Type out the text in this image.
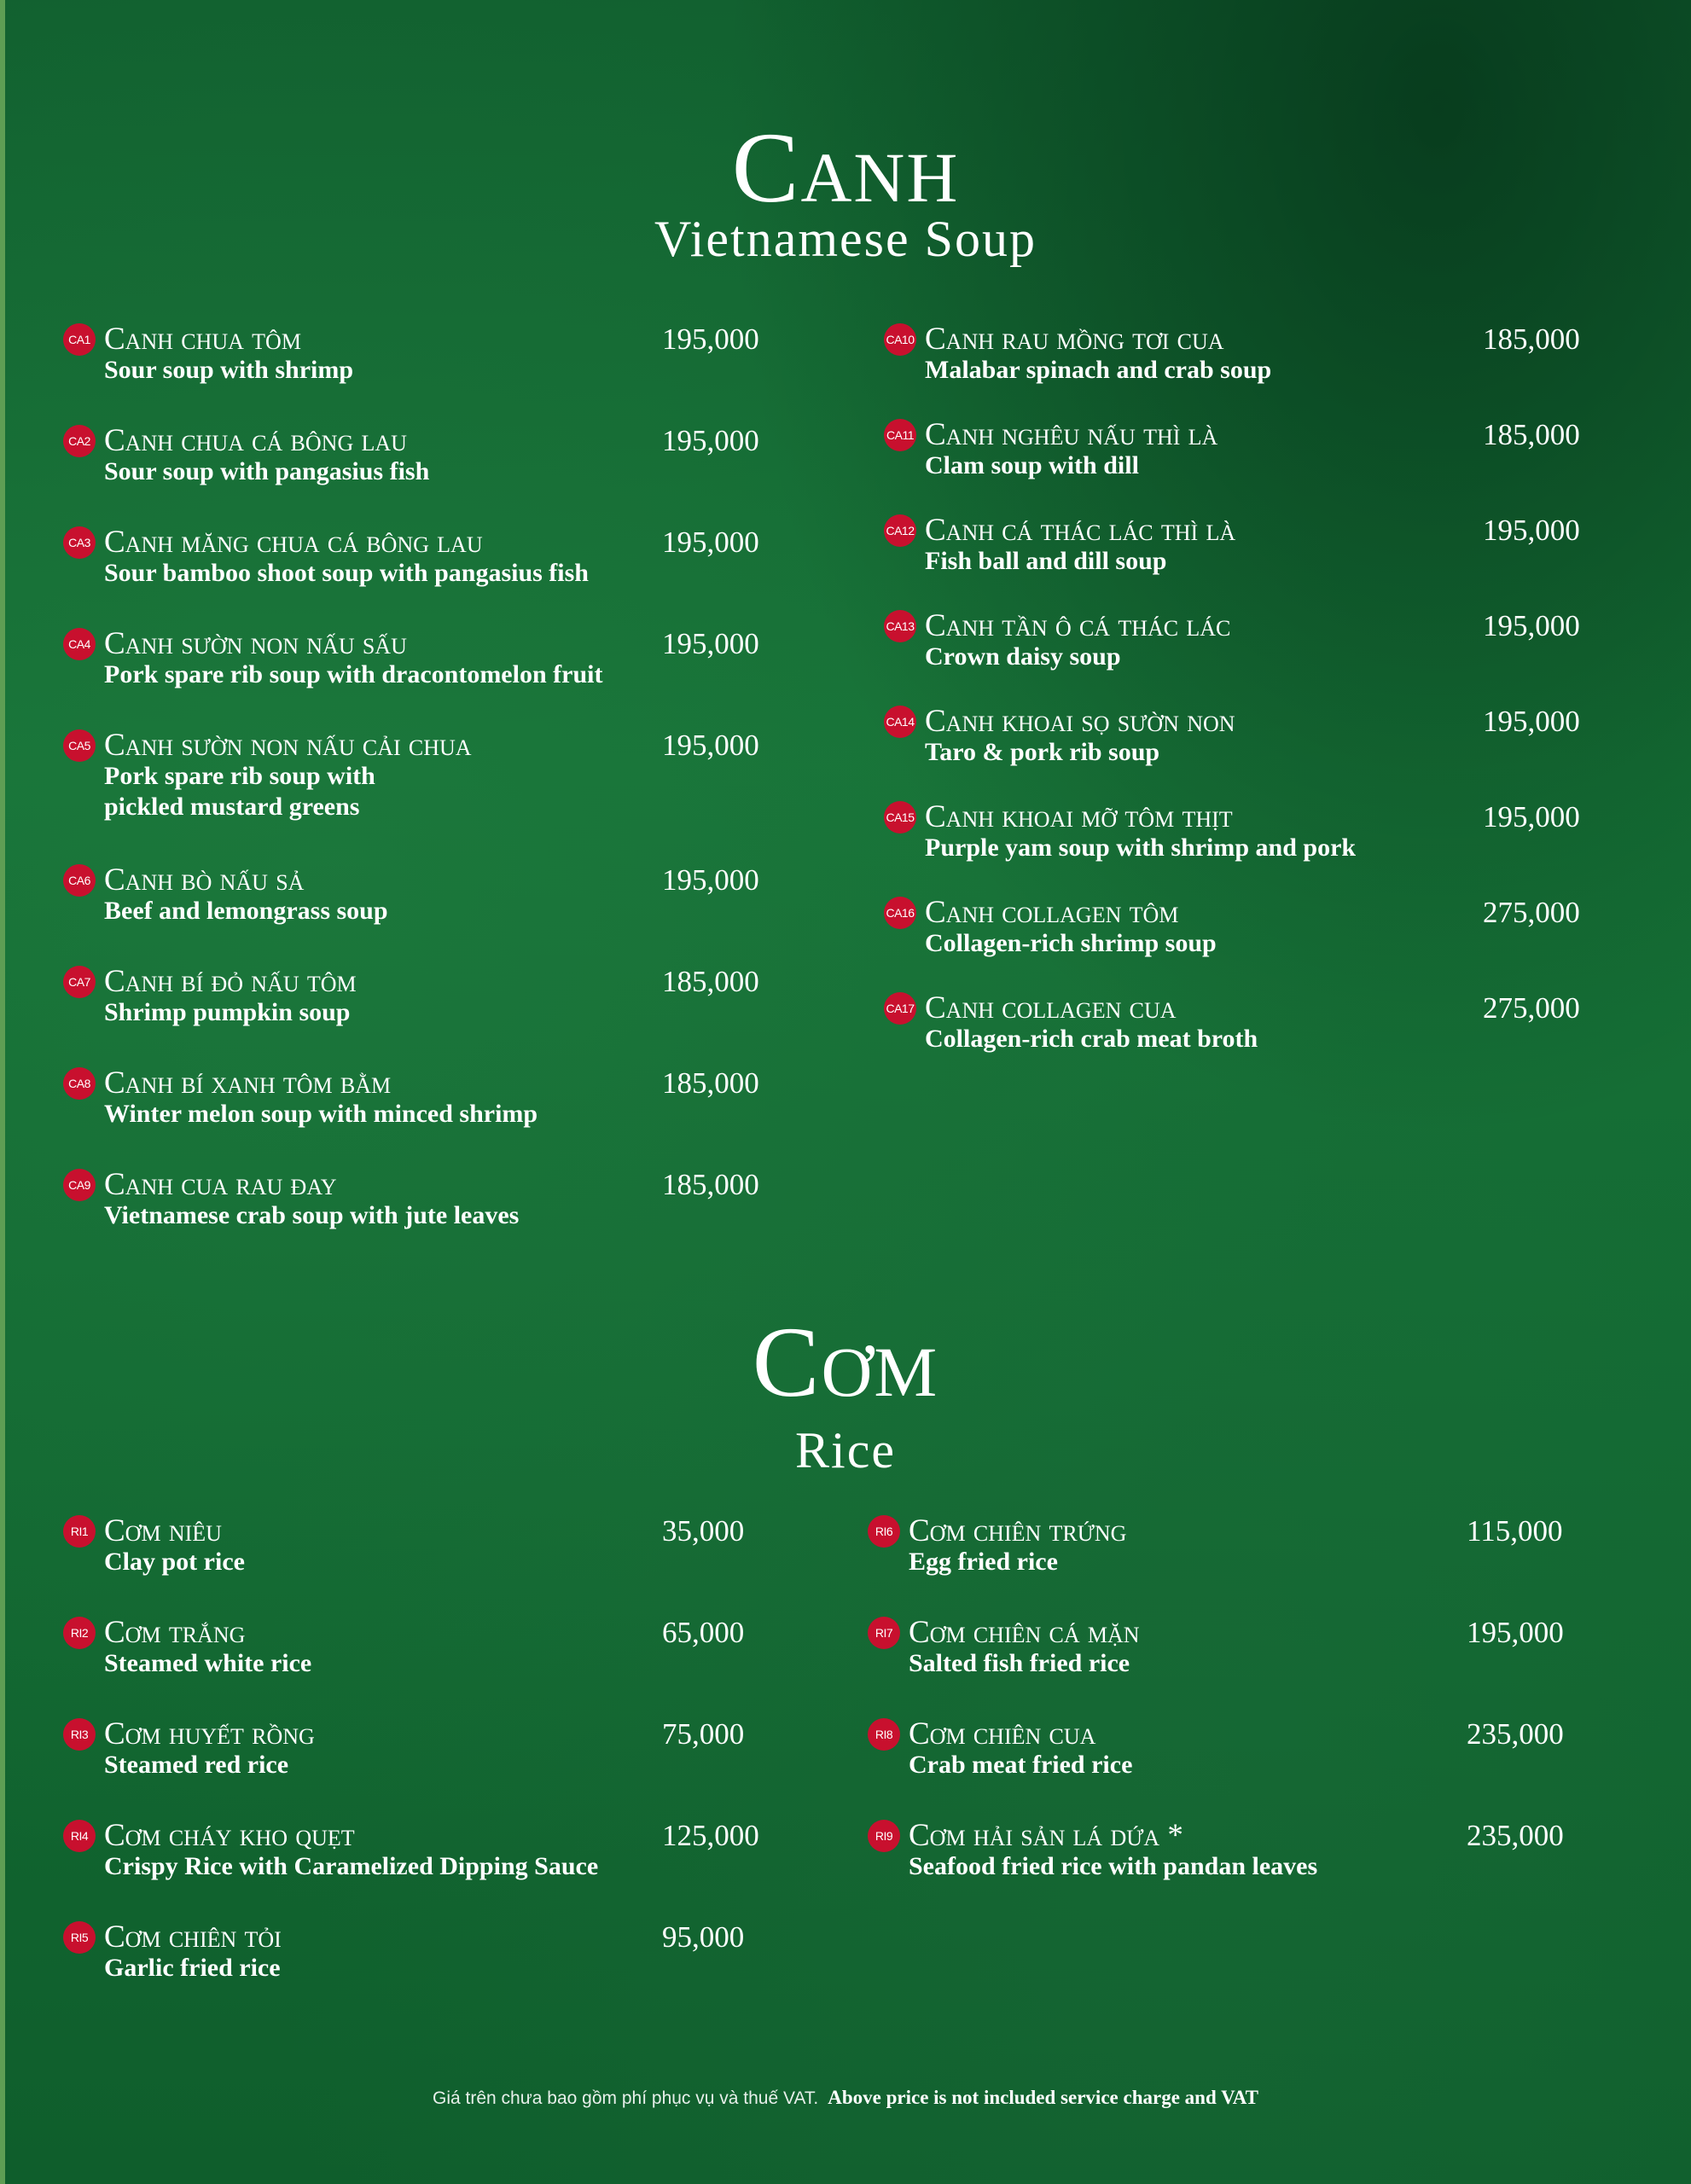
Canh
Vietnamese Soup
CA1 Canh chua tôm
Sour soup with shrimp
195,000
CA2 Canh chua cá bông lau
Sour soup with pangasius fish
195,000
CA3 Canh măng chua cá bông lau
Sour bamboo shoot soup with pangasius fish
195,000
CA4 Canh sườn non nấu sấu
Pork spare rib soup with dracontomelon fruit
195,000
CA5 Canh sườn non nấu cải chua
Pork spare rib soup with
pickled mustard greens
195,000
CA6 Canh bò nấu sả
Beef and lemongrass soup
195,000
CA7 Canh bí đỏ nấu tôm
Shrimp pumpkin soup
185,000
CA8 Canh bí xanh tôm bằm
Winter melon soup with minced shrimp
185,000
CA9 Canh cua rau đay
Vietnamese crab soup with jute leaves
185,000
CA10 Canh rau mồng tơi cua
Malabar spinach and crab soup
185,000
CA11 Canh nghêu nấu thì là
Clam soup with dill
185,000
CA12 Canh cá thác lác thì là
Fish ball and dill soup
195,000
CA13 Canh tần ô cá thác lác
Crown daisy soup
195,000
CA14 Canh khoai sọ sườn non
Taro & pork rib soup
195,000
CA15 Canh khoai mỡ tôm thịt
Purple yam soup with shrimp and pork
195,000
CA16 Canh collagen tôm
Collagen-rich shrimp soup
275,000
CA17 Canh collagen cua
Collagen-rich crab meat broth
275,000
Cơm
Rice
RI1 Cơm niêu
Clay pot rice
35,000
RI2 Cơm trắng
Steamed white rice
65,000
RI3 Cơm huyết rồng
Steamed red rice
75,000
RI4 Cơm cháy kho quẹt
Crispy Rice with Caramelized Dipping Sauce
125,000
RI5 Cơm chiên tỏi
Garlic fried rice
95,000
RI6 Cơm chiên trứng
Egg fried rice
115,000
RI7 Cơm chiên cá mặn
Salted fish fried rice
195,000
RI8 Cơm chiên cua
Crab meat fried rice
235,000
RI9 Cơm hải sản lá dứa *
Seafood fried rice with pandan leaves
235,000
Giá trên chưa bao gồm phí phục vụ và thuế VAT. Above price is not included service charge and VAT
